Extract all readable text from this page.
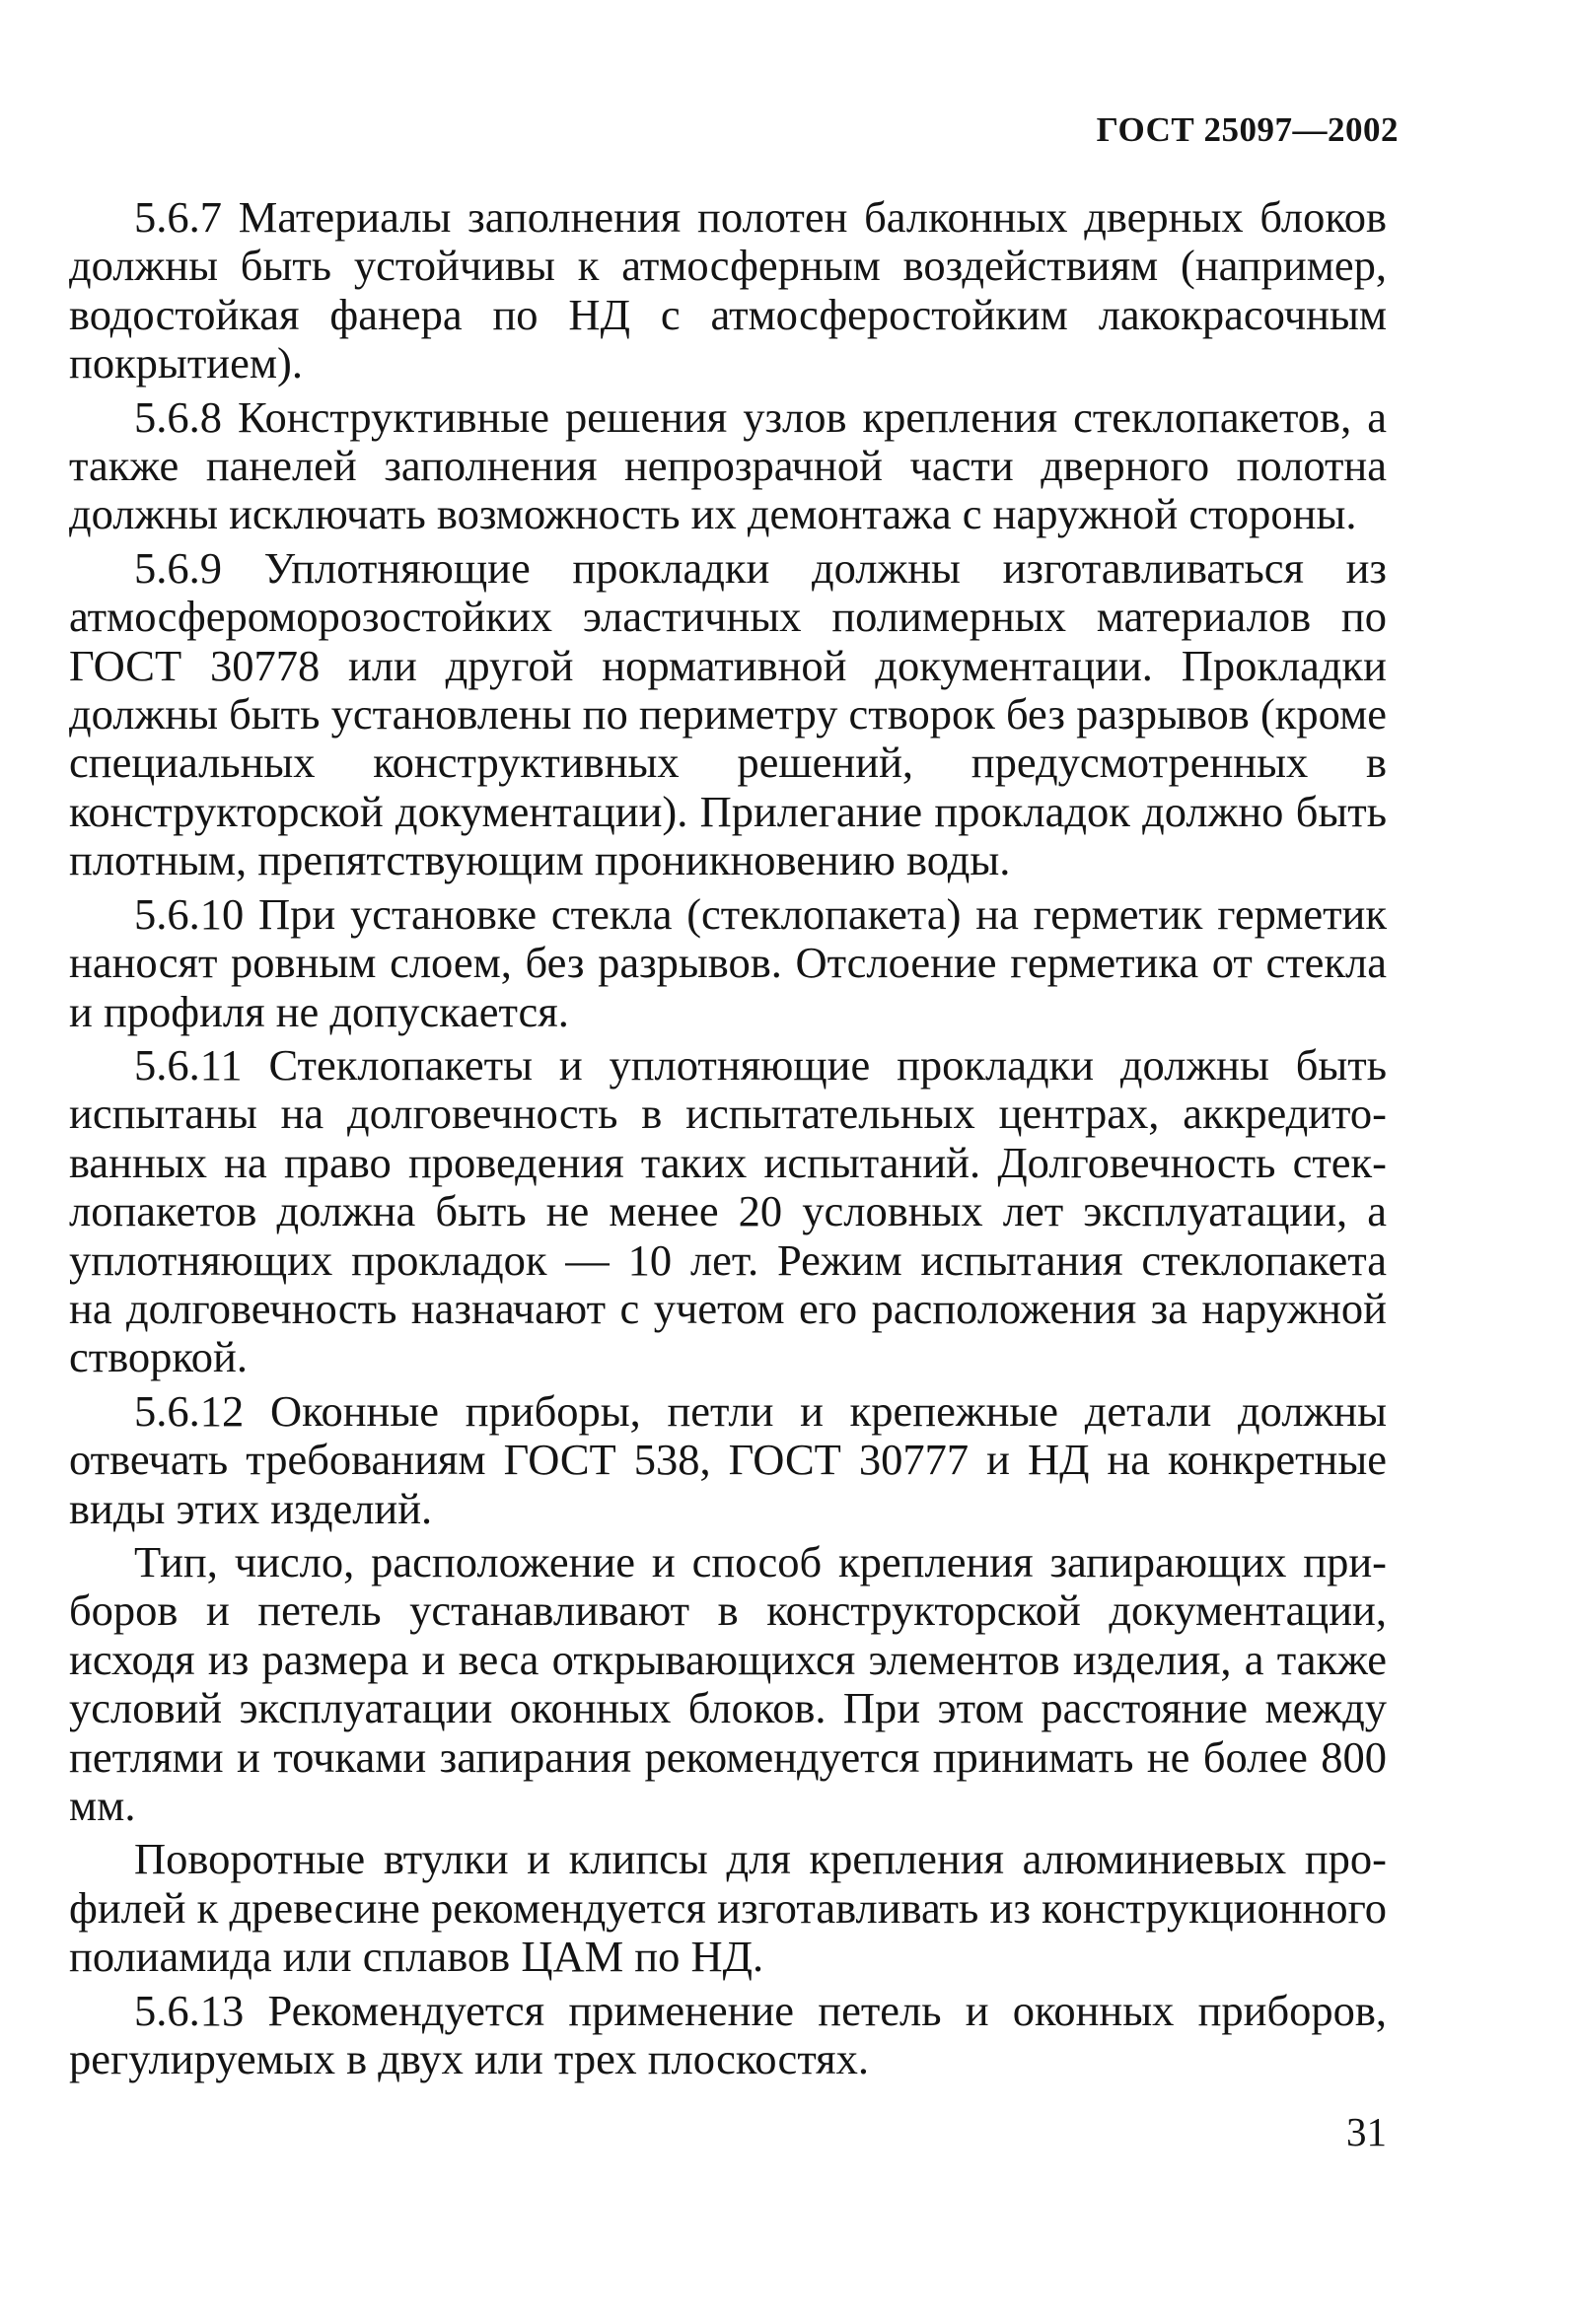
ГОСТ 25097—2002

5.6.7 Материалы заполнения полотен балконных дверных блоков должны быть устойчивы к атмосферным воздействиям (например, водостойкая фанера по НД с атмосферостойким лакокрасочным покрытием).

5.6.8 Конструктивные решения узлов крепления стеклопакетов, а также панелей заполнения непрозрачной части дверного полотна должны исключать возможность их демонтажа с наружной стороны.

5.6.9 Уплотняющие прокладки должны изготавливаться из атмосфероморозостойких эластичных полимерных материалов по ГОСТ 30778 или другой нормативной документации. Прокладки должны быть установлены по периметру створок без разрывов (кроме специальных конструктивных решений, предусмотренных в конструкторской документации). Прилегание прокладок должно быть плотным, препятствующим проникновению воды.

5.6.10 При установке стекла (стеклопакета) на герметик герметик наносят ровным слоем, без разрывов. Отслоение герметика от стекла и профиля не допускается.

5.6.11 Стеклопакеты и уплотняющие прокладки должны быть испытаны на долговечность в испытательных центрах, аккредитованных на право проведения таких испытаний. Долговечность стеклопакетов должна быть не менее 20 условных лет эксплуатации, а уплотняющих прокладок — 10 лет. Режим испытания стеклопакета на долговечность назначают с учетом его расположения за наружной створкой.

5.6.12 Оконные приборы, петли и крепежные детали должны отвечать требованиям ГОСТ 538, ГОСТ 30777 и НД на конкретные виды этих изделий.

Тип, число, расположение и способ крепления запирающих приборов и петель устанавливают в конструкторской документации, исходя из размера и веса открывающихся элементов изделия, а также условий эксплуатации оконных блоков. При этом расстояние между петлями и точками запирания рекомендуется принимать не более 800 мм.

Поворотные втулки и клипсы для крепления алюминиевых профилей к древесине рекомендуется изготавливать из конструкционного полиамида или сплавов ЦАМ по НД.

5.6.13 Рекомендуется применение петель и оконных приборов, регулируемых в двух или трех плоскостях.

31
